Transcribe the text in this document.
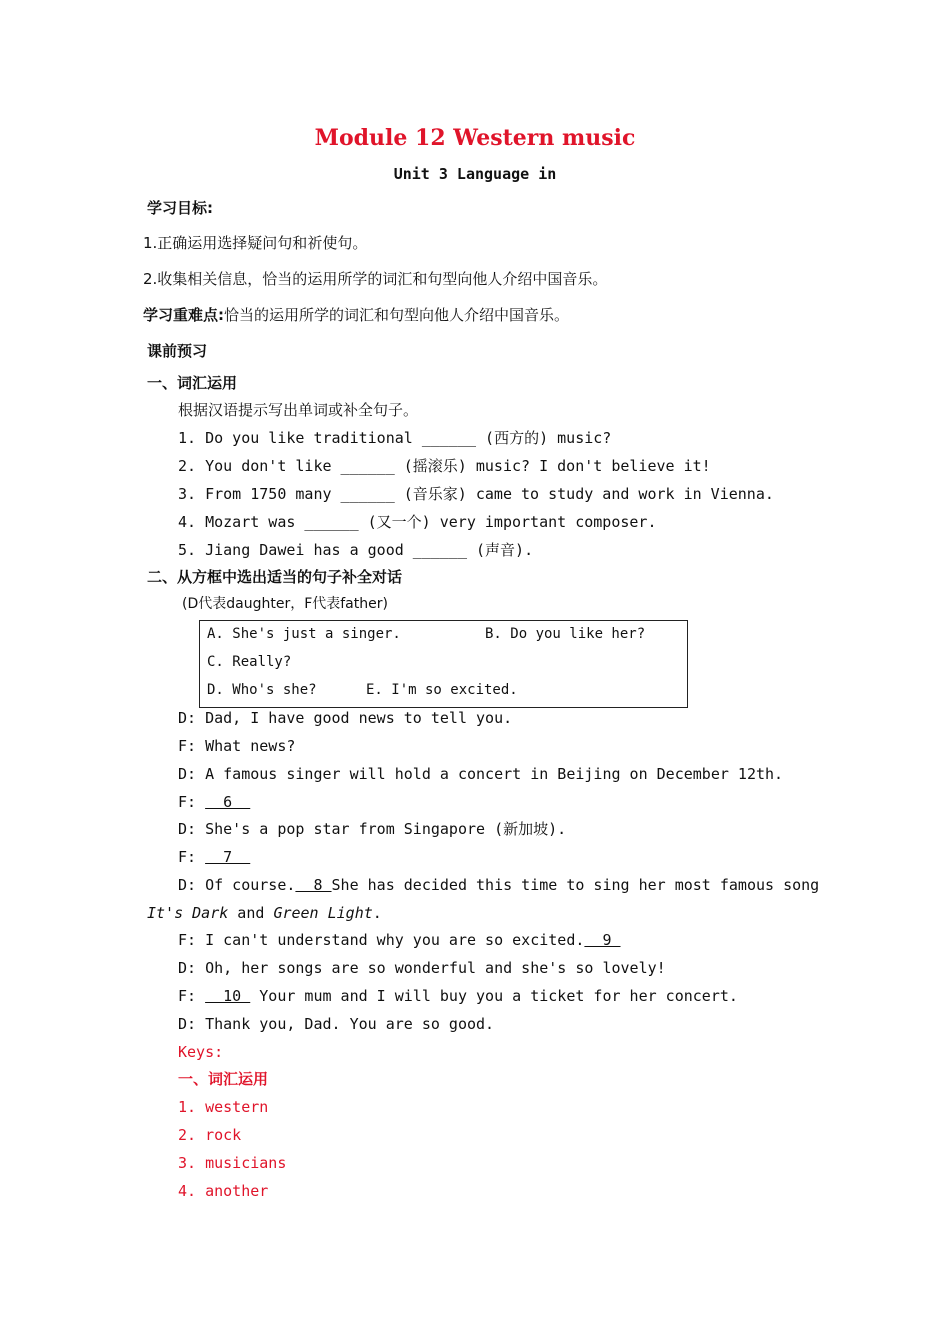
Module 12 Western music
Unit 3 Language in
学习目标:
1.正确运用选择疑问句和祈使句。
2.收集相关信息，恰当的运用所学的词汇和句型向他人介绍中国音乐。
学习重难点:恰当的运用所学的词汇和句型向他人介绍中国音乐。
课前预习
一、词汇运用
根据汉语提示写出单词或补全句子。
1. Do you like traditional ______ (西方的) music?
2. You don't like ______ (摇滚乐) music? I don't believe it!
3. From 1750 many ______ (音乐家) came to study and work in Vienna.
4. Mozart was ______ (又一个) very important composer.
5. Jiang Dawei has a good ______ (声音).
二、从方框中选出适当的句子补全对话
(D代表daughter，F代表father)
A. She's just a singer.	B. Do you like her?
C. Really?
D. Who's she?	E. I'm so excited.
D: Dad, I have good news to tell you.
F: What news?
D: A famous singer will hold a concert in Beijing on December 12th.
F:   6
D: She's a pop star from Singapore (新加坡).
F:   7
D: Of course.  8 She has decided this time to sing her most famous song
It's Dark and Green Light.
F: I can't understand why you are so excited.  9
D: Oh, her songs are so wonderful and she's so lovely!
F:   10  Your mum and I will buy you a ticket for her concert.
D: Thank you, Dad. You are so good.
Keys:
一、词汇运用
1. western
2. rock
3. musicians
4. another
